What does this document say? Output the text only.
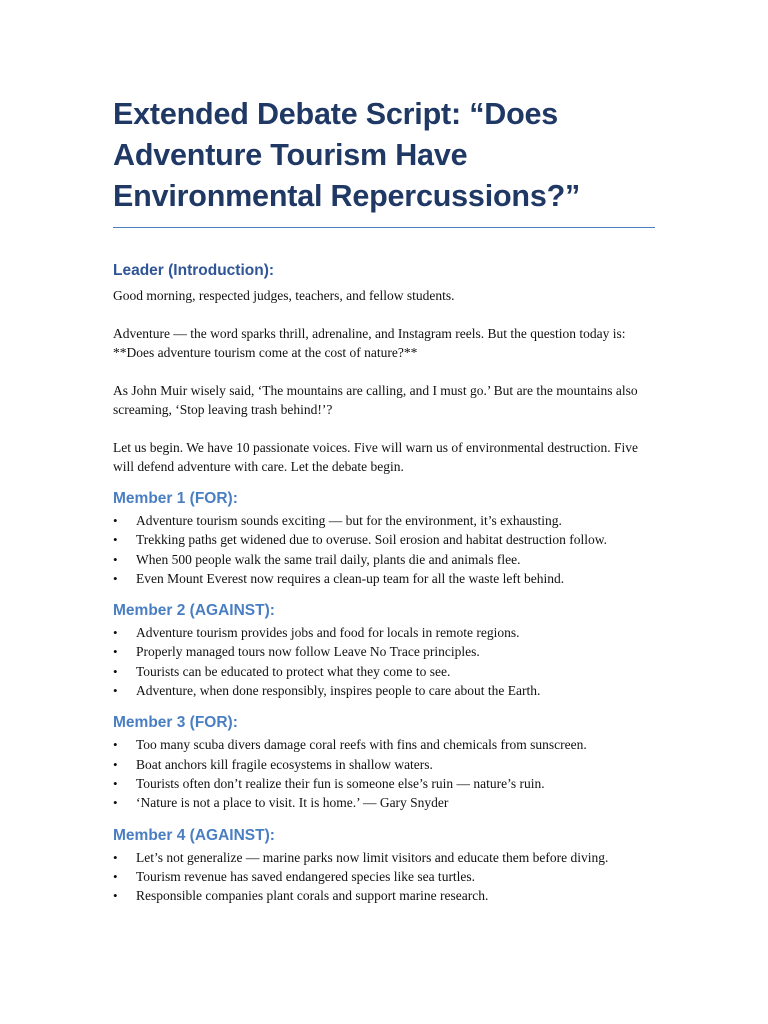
Extended Debate Script: “Does Adventure Tourism Have Environmental Repercussions?”
Leader (Introduction):

Good morning, respected judges, teachers, and fellow students.

Adventure — the word sparks thrill, adrenaline, and Instagram reels. But the question today is:

**Does adventure tourism come at the cost of nature?**

As John Muir wisely said, ‘The mountains are calling, and I must go.’ But are the mountains also screaming, ‘Stop leaving trash behind!’?

Let us begin. We have 10 passionate voices. Five will warn us of environmental destruction. Five will defend adventure with care. Let the debate begin.

Member 1 (FOR):
• Adventure tourism sounds exciting — but for the environment, it’s exhausting.
• Trekking paths get widened due to overuse. Soil erosion and habitat destruction follow.
• When 500 people walk the same trail daily, plants die and animals flee.
• Even Mount Everest now requires a clean-up team for all the waste left behind.
Member 2 (AGAINST):
• Adventure tourism provides jobs and food for locals in remote regions.
• Properly managed tours now follow Leave No Trace principles.
• Tourists can be educated to protect what they come to see.
• Adventure, when done responsibly, inspires people to care about the Earth.
Member 3 (FOR):
• Too many scuba divers damage coral reefs with fins and chemicals from sunscreen.
• Boat anchors kill fragile ecosystems in shallow waters.
• Tourists often don’t realize their fun is someone else’s ruin — nature’s ruin.
• ‘Nature is not a place to visit. It is home.’ — Gary Snyder
Member 4 (AGAINST):
• Let’s not generalize — marine parks now limit visitors and educate them before diving.
• Tourism revenue has saved endangered species like sea turtles.
• Responsible companies plant corals and support marine research.
